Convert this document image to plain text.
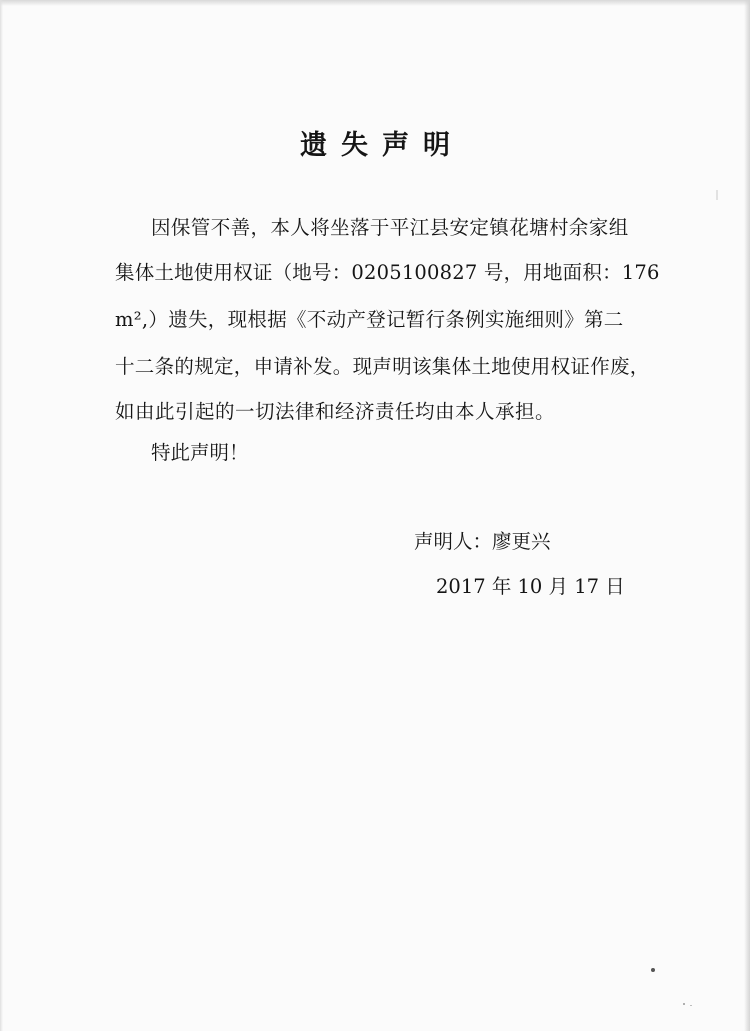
遗失声明

因保管不善，本人将坐落于平江县安定镇花塘村余家组

集体土地使用权证（地号：0205100827 号，用地面积：176

m²,）遗失，现根据《不动产登记暂行条例实施细则》第二

十二条的规定，申请补发。现声明该集体土地使用权证作废，

如由此引起的一切法律和经济责任均由本人承担。

特此声明！

声明人：廖更兴
2017 年 10 月 17 日
